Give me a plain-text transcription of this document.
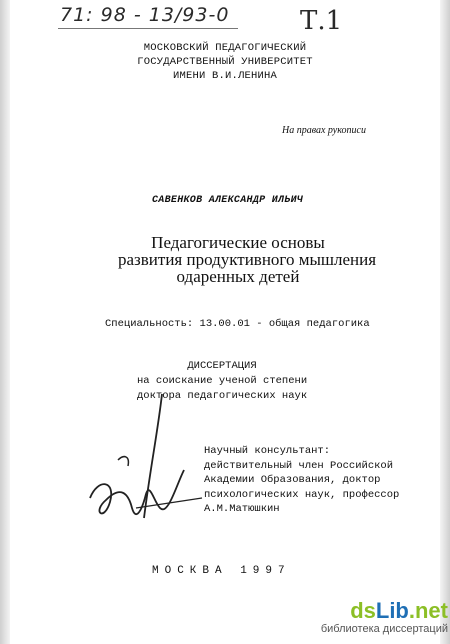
71: 98 - 13/93-0	Т.1
МОСКОВСКИЙ ПЕДАГОГИЧЕСКИЙ
ГОСУДАРСТВЕННЫЙ УНИВЕРСИТЕТ
ИМЕНИ В.И.ЛЕНИНА
На правах рукописи
САВЕНКОВ АЛЕКСАНДР ИЛЬИЧ
Педагогические основы
развития продуктивного мышления
одаренных детей
Специальность: 13.00.01 - общая педагогика
ДИССЕРТАЦИЯ
на соискание ученой степени
доктора педагогических наук
Научный консультант:
действительный член Российской
Академии Образования, доктор
психологических наук, профессор
А.М.Матюшкин
МОСКВА 1997
dsLib.net
библиотека диссертаций
